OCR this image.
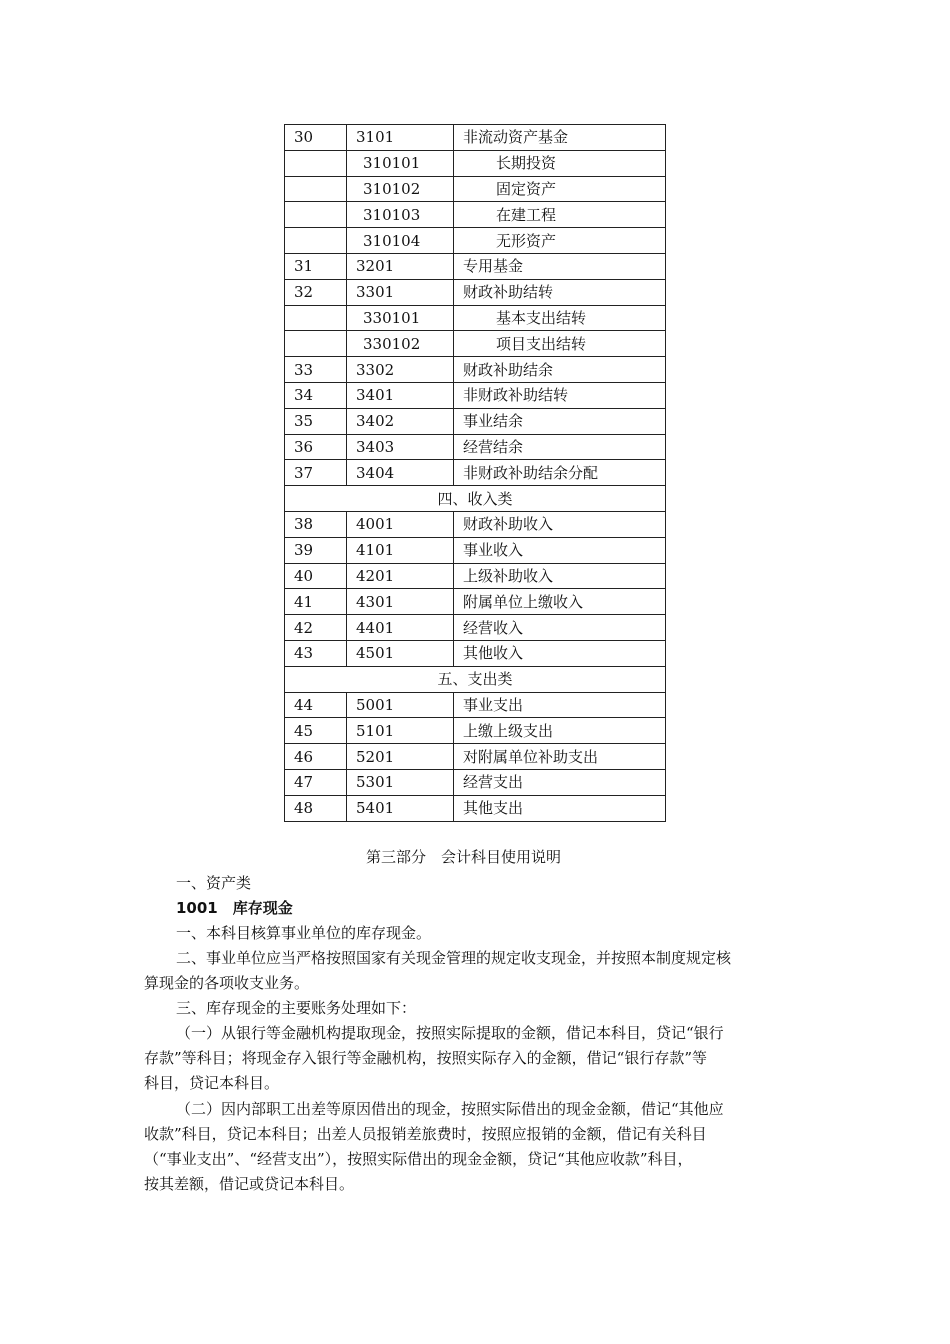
30	3101	非流动资产基金
	310101	长期投资
	310102	固定资产
	310103	在建工程
	310104	无形资产
31	3201	专用基金
32	3301	财政补助结转
	330101	基本支出结转
	330102	项目支出结转
33	3302	财政补助结余
34	3401	非财政补助结转
35	3402	事业结余
36	3403	经营结余
37	3404	非财政补助结余分配
四、收入类		
38	4001	财政补助收入
39	4101	事业收入
40	4201	上级补助收入
41	4301	附属单位上缴收入
42	4401	经营收入
43	4501	其他收入
五、支出类		
44	5001	事业支出
45	5101	上缴上级支出
46	5201	对附属单位补助支出
47	5301	经营支出
48	5401	其他支出
第三部分　会计科目使用说明
一、资产类
1001　库存现金
一、本科目核算事业单位的库存现金。
二、事业单位应当严格按照国家有关现金管理的规定收支现金，并按照本制度规定核
算现金的各项收支业务。
三、库存现金的主要账务处理如下：
（一）从银行等金融机构提取现金，按照实际提取的金额，借记本科目，贷记“银行
存款”等科目；将现金存入银行等金融机构，按照实际存入的金额，借记“银行存款”等
科目，贷记本科目。
（二）因内部职工出差等原因借出的现金，按照实际借出的现金金额，借记“其他应
收款”科目，贷记本科目；出差人员报销差旅费时，按照应报销的金额，借记有关科目
（“事业支出”、“经营支出”），按照实际借出的现金金额，贷记“其他应收款”科目，
按其差额，借记或贷记本科目。
